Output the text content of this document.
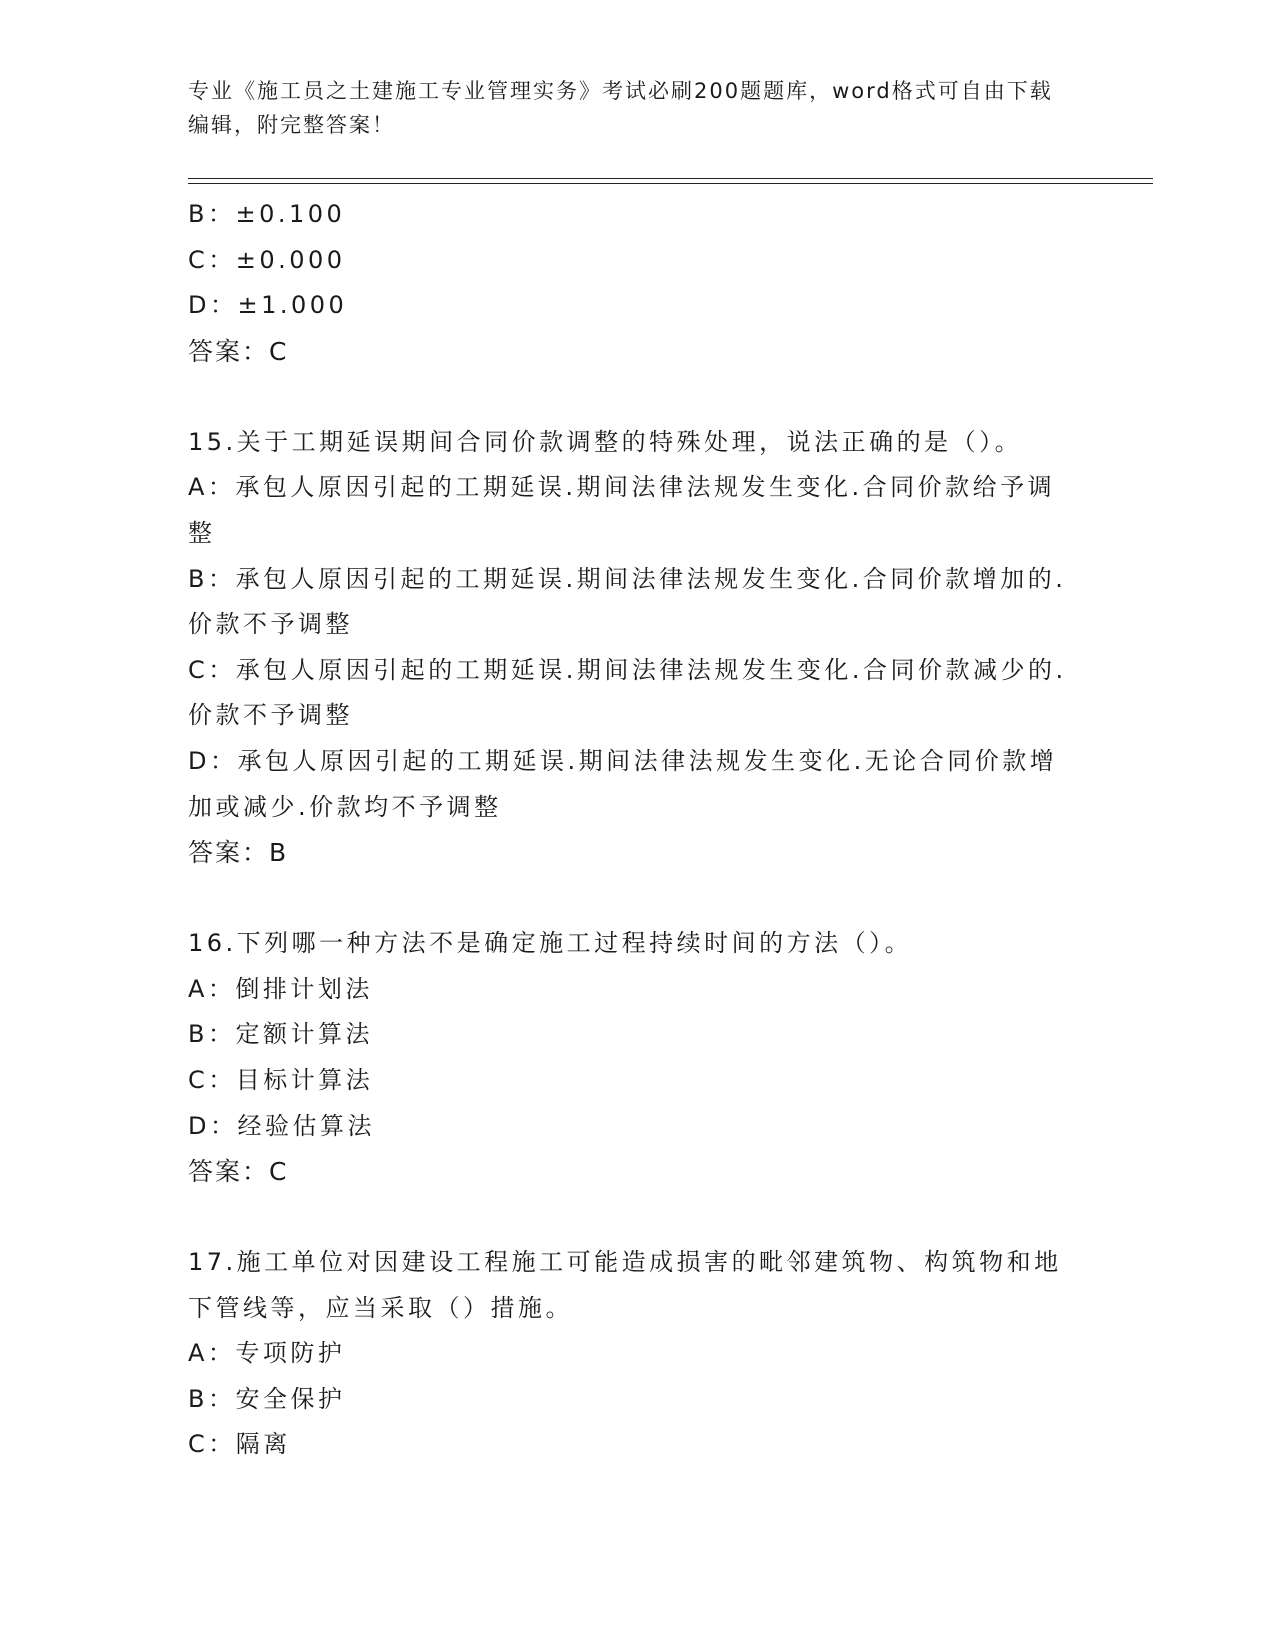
专业《施工员之土建施工专业管理实务》考试必刷200题题库，word格式可自由下载编辑，附完整答案！
B：±0.100
C：±0.000
D：±1.000
答案：C
15.关于工期延误期间合同价款调整的特殊处理，说法正确的是（）。
A：承包人原因引起的工期延误.期间法律法规发生变化.合同价款给予调整
B：承包人原因引起的工期延误.期间法律法规发生变化.合同价款增加的.价款不予调整
C：承包人原因引起的工期延误.期间法律法规发生变化.合同价款减少的.价款不予调整
D：承包人原因引起的工期延误.期间法律法规发生变化.无论合同价款增加或减少.价款均不予调整
答案：B
16.下列哪一种方法不是确定施工过程持续时间的方法（）。
A：倒排计划法
B：定额计算法
C：目标计算法
D：经验估算法
答案：C
17.施工单位对因建设工程施工可能造成损害的毗邻建筑物、构筑物和地下管线等，应当采取（）措施。
A：专项防护
B：安全保护
C：隔离
